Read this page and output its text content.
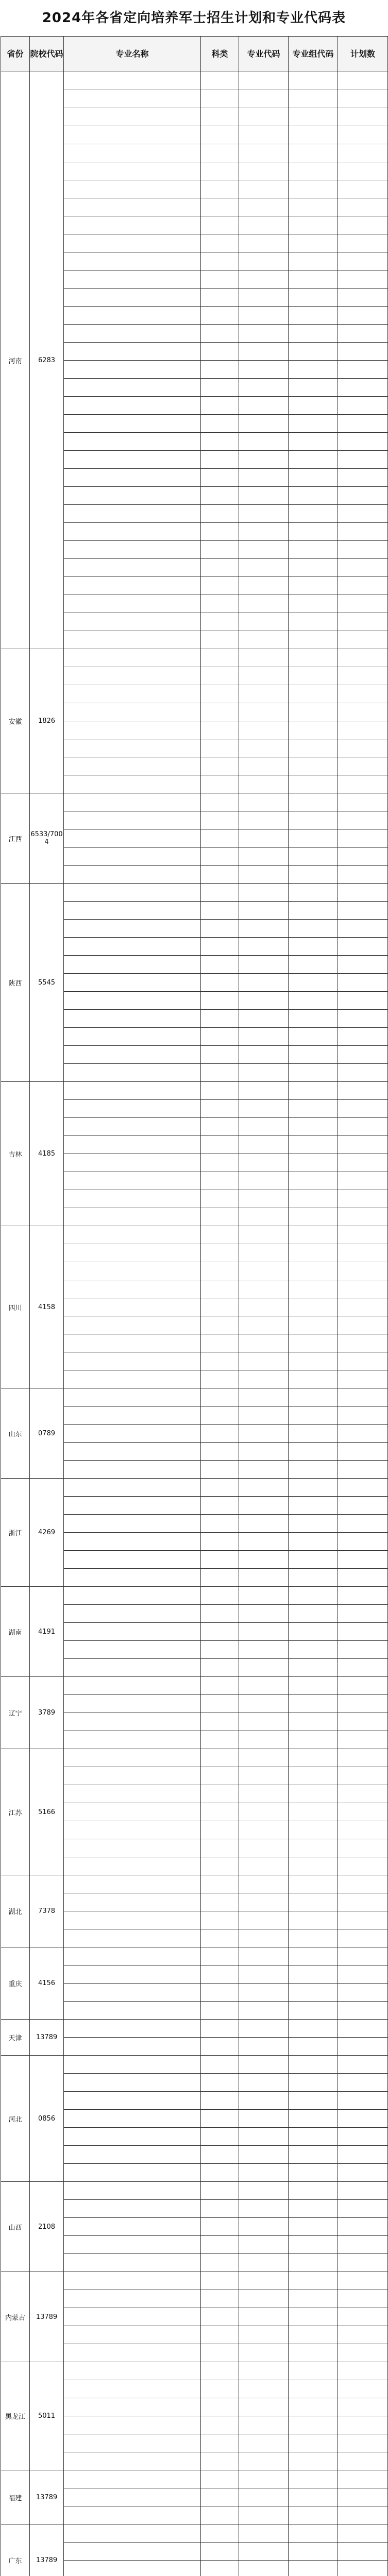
2024年各省定向培养军士招生计划和专业代码表
省份	院校代码	专业名称	科类	专业代码	专业组代码	计划数
河南	6283					

安徽	1826					

江西	6533/7004					

陕西	5545					

吉林	4185					

四川	4158					

山东	0789					

浙江	4269					

湖南	4191					

辽宁	3789					

江苏	5166					

湖北	7378					

重庆	4156					

天津	13789					

河北	0856					

山西	2108					

内蒙古	13789					

黑龙江	5011					

福建	13789					

广东	13789					
